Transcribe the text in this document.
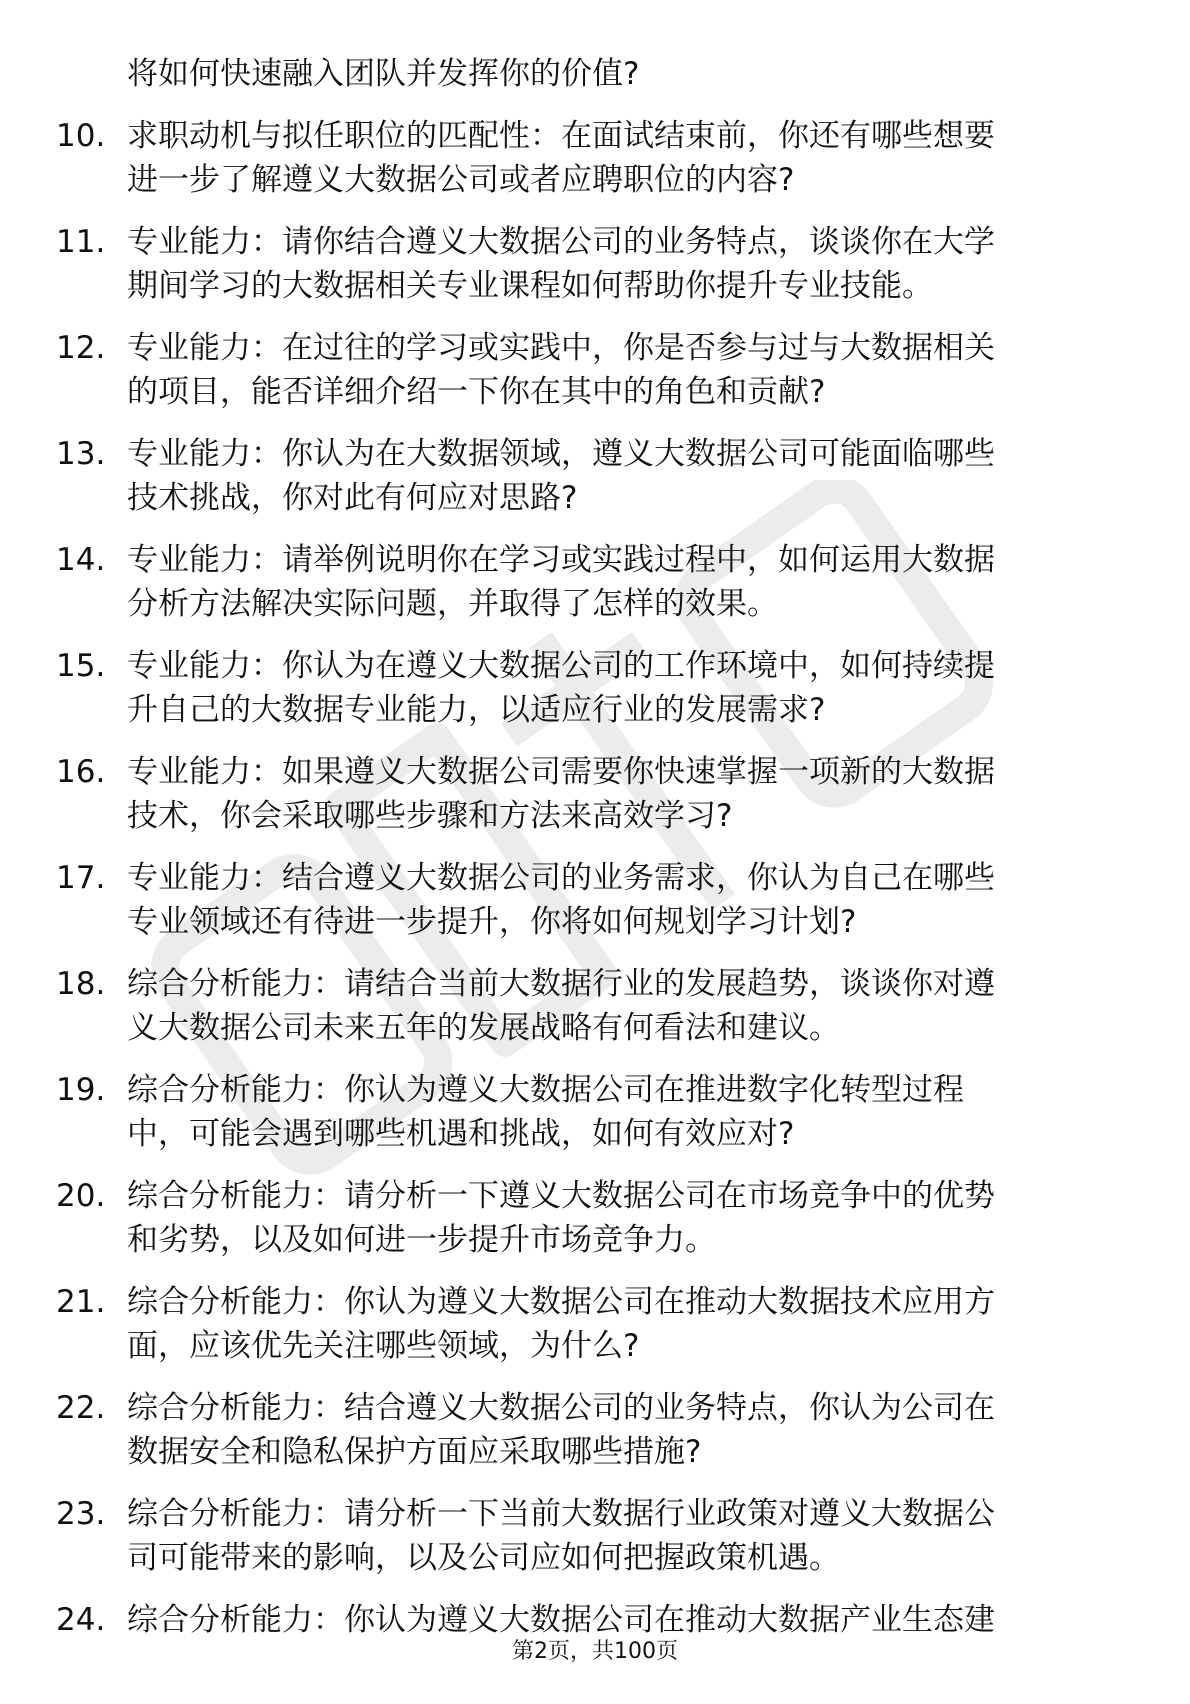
将如何快速融入团队并发挥你的价值?

10. 求职动机与拟任职位的匹配性：在面试结束前，你还有哪些想要
进一步了解遵义大数据公司或者应聘职位的内容?

11. 专业能力：请你结合遵义大数据公司的业务特点，谈谈你在大学
期间学习的大数据相关专业课程如何帮助你提升专业技能。

12. 专业能力：在过往的学习或实践中，你是否参与过与大数据相关
的项目，能否详细介绍一下你在其中的角色和贡献?

13. 专业能力：你认为在大数据领域，遵义大数据公司可能面临哪些
技术挑战，你对此有何应对思路?

14. 专业能力：请举例说明你在学习或实践过程中，如何运用大数据
分析方法解决实际问题，并取得了怎样的效果。

15. 专业能力：你认为在遵义大数据公司的工作环境中，如何持续提
升自己的大数据专业能力，以适应行业的发展需求?

16. 专业能力：如果遵义大数据公司需要你快速掌握一项新的大数据
技术，你会采取哪些步骤和方法来高效学习?

17. 专业能力：结合遵义大数据公司的业务需求，你认为自己在哪些
专业领域还有待进一步提升，你将如何规划学习计划?

18. 综合分析能力：请结合当前大数据行业的发展趋势，谈谈你对遵
义大数据公司未来五年的发展战略有何看法和建议。

19. 综合分析能力：你认为遵义大数据公司在推进数字化转型过程
中，可能会遇到哪些机遇和挑战，如何有效应对?

20. 综合分析能力：请分析一下遵义大数据公司在市场竞争中的优势
和劣势，以及如何进一步提升市场竞争力。

21. 综合分析能力：你认为遵义大数据公司在推动大数据技术应用方
面，应该优先关注哪些领域，为什么?

22. 综合分析能力：结合遵义大数据公司的业务特点，你认为公司在
数据安全和隐私保护方面应采取哪些措施?

23. 综合分析能力：请分析一下当前大数据行业政策对遵义大数据公
司可能带来的影响，以及公司应如何把握政策机遇。

24. 综合分析能力：你认为遵义大数据公司在推动大数据产业生态建

第2页，共100页
